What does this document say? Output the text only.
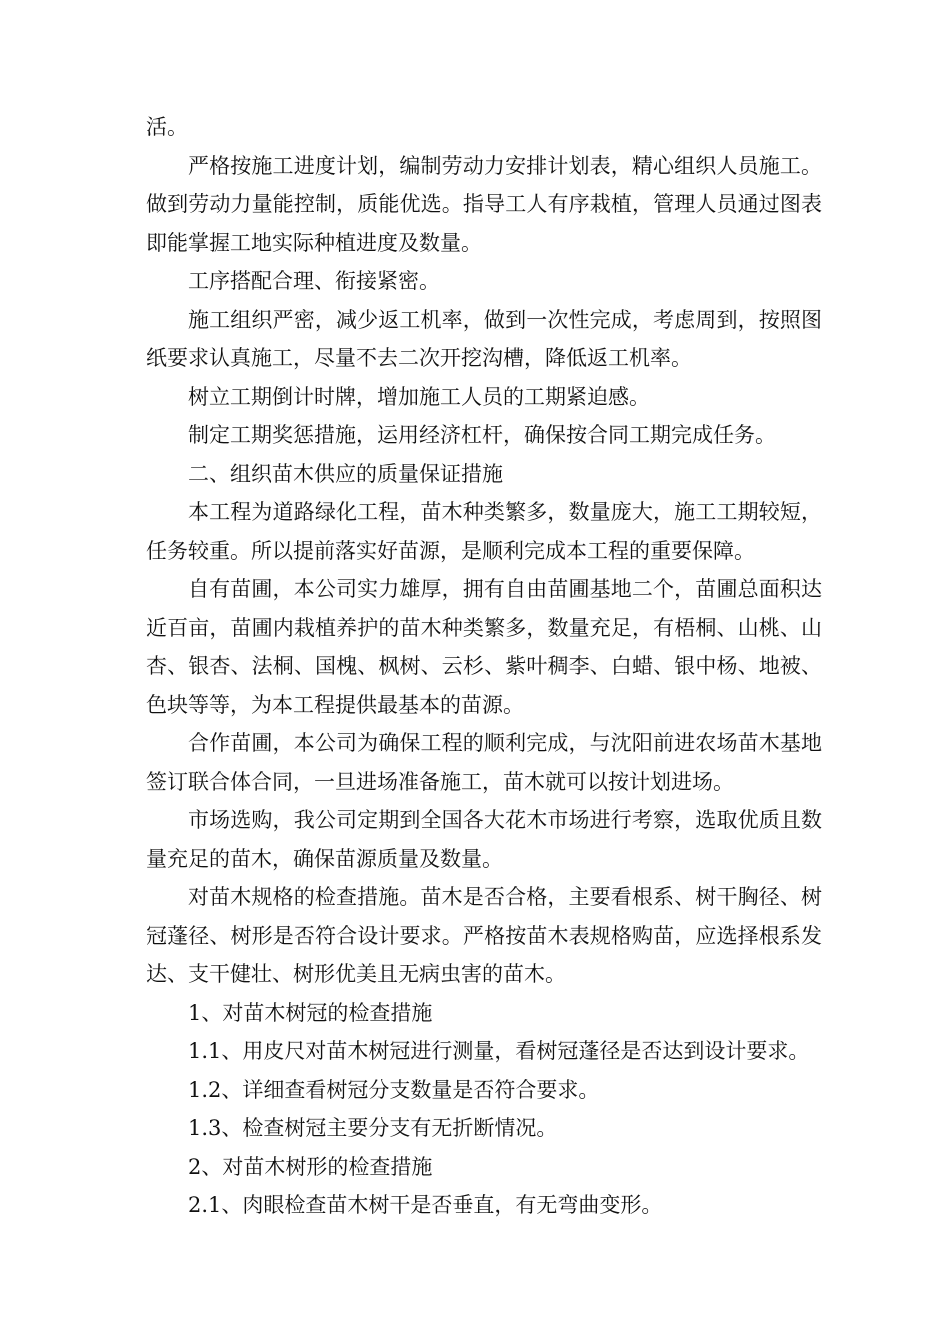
活。

严格按施工进度计划，编制劳动力安排计划表，精心组织人员施工。做到劳动力量能控制，质能优选。指导工人有序栽植，管理人员通过图表即能掌握工地实际种植进度及数量。

工序搭配合理、衔接紧密。

施工组织严密，减少返工机率，做到一次性完成，考虑周到，按照图纸要求认真施工，尽量不去二次开挖沟槽，降低返工机率。

树立工期倒计时牌，增加施工人员的工期紧迫感。

制定工期奖惩措施，运用经济杠杆，确保按合同工期完成任务。

二、组织苗木供应的质量保证措施

本工程为道路绿化工程，苗木种类繁多，数量庞大，施工工期较短，任务较重。所以提前落实好苗源，是顺利完成本工程的重要保障。

自有苗圃，本公司实力雄厚，拥有自由苗圃基地二个，苗圃总面积达近百亩，苗圃内栽植养护的苗木种类繁多，数量充足，有梧桐、山桃、山杏、银杏、法桐、国槐、枫树、云杉、紫叶稠李、白蜡、银中杨、地被、色块等等，为本工程提供最基本的苗源。

合作苗圃，本公司为确保工程的顺利完成，与沈阳前进农场苗木基地签订联合体合同，一旦进场准备施工，苗木就可以按计划进场。

市场选购，我公司定期到全国各大花木市场进行考察，选取优质且数量充足的苗木，确保苗源质量及数量。

对苗木规格的检查措施。苗木是否合格，主要看根系、树干胸径、树冠蓬径、树形是否符合设计要求。严格按苗木表规格购苗，应选择根系发达、支干健壮、树形优美且无病虫害的苗木。

1、对苗木树冠的检查措施

1.1、用皮尺对苗木树冠进行测量，看树冠蓬径是否达到设计要求。

1.2、详细查看树冠分支数量是否符合要求。

1.3、检查树冠主要分支有无折断情况。

2、对苗木树形的检查措施

2.1、肉眼检查苗木树干是否垂直，有无弯曲变形。
